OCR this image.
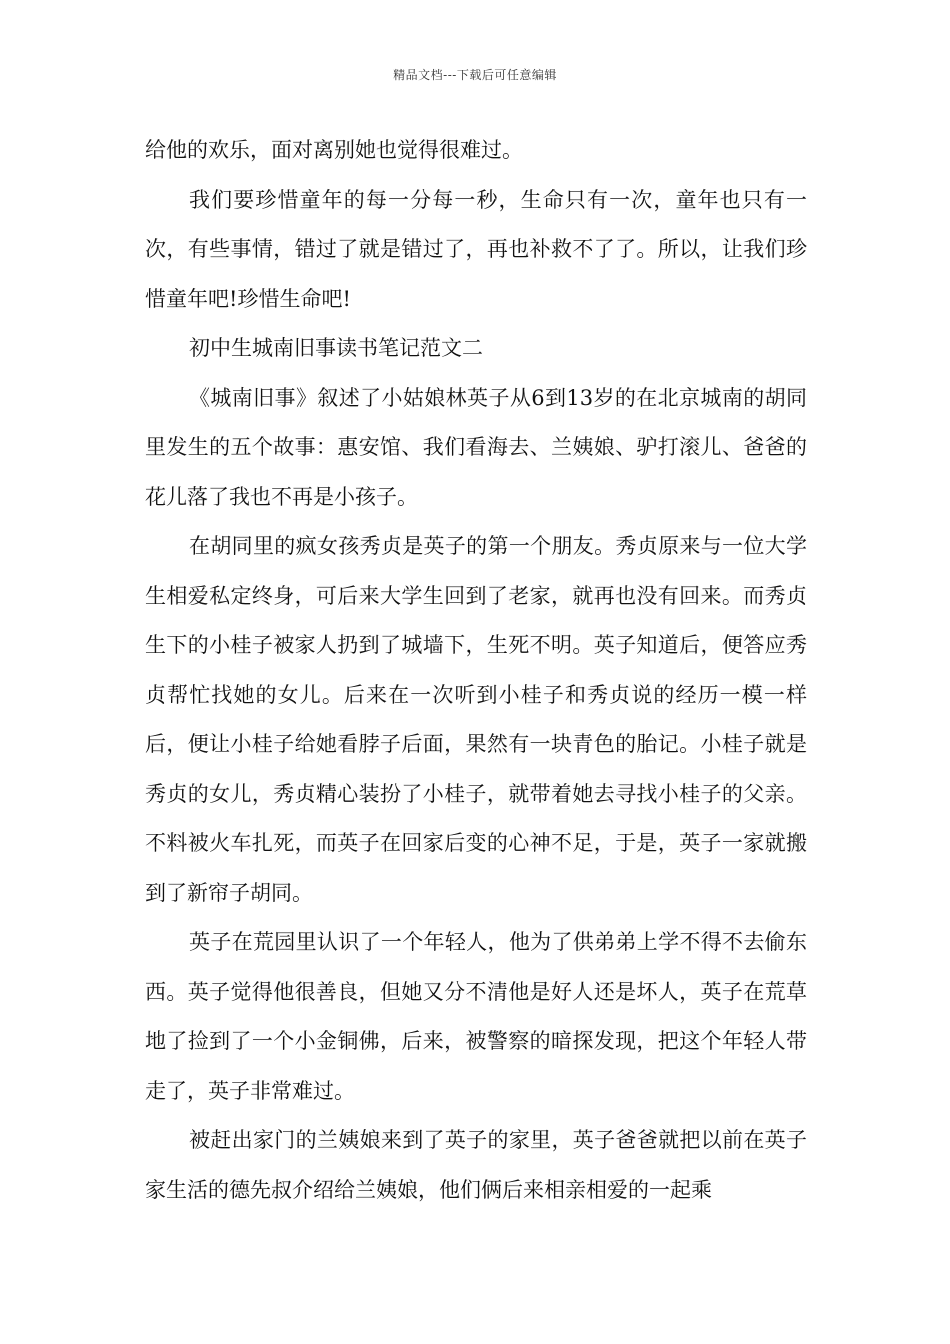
精品文档---下载后可任意编辑

给他的欢乐，面对离别她也觉得很难过。

我们要珍惜童年的每一分每一秒，生命只有一次，童年也只有一次，有些事情，错过了就是错过了，再也补救不了了。所以，让我们珍惜童年吧!珍惜生命吧!

初中生城南旧事读书笔记范文二

《城南旧事》叙述了小姑娘林英子从6到13岁的在北京城南的胡同里发生的五个故事：惠安馆、我们看海去、兰姨娘、驴打滚儿、爸爸的花儿落了我也不再是小孩子。

在胡同里的疯女孩秀贞是英子的第一个朋友。秀贞原来与一位大学生相爱私定终身，可后来大学生回到了老家，就再也没有回来。而秀贞生下的小桂子被家人扔到了城墙下，生死不明。英子知道后，便答应秀贞帮忙找她的女儿。后来在一次听到小桂子和秀贞说的经历一模一样后，便让小桂子给她看脖子后面，果然有一块青色的胎记。小桂子就是秀贞的女儿，秀贞精心装扮了小桂子，就带着她去寻找小桂子的父亲。不料被火车扎死，而英子在回家后变的心神不足，于是，英子一家就搬到了新帘子胡同。

英子在荒园里认识了一个年轻人，他为了供弟弟上学不得不去偷东西。英子觉得他很善良，但她又分不清他是好人还是坏人，英子在荒草地了捡到了一个小金铜佛，后来，被警察的暗探发现，把这个年轻人带走了，英子非常难过。

被赶出家门的兰姨娘来到了英子的家里，英子爸爸就把以前在英子家生活的德先叔介绍给兰姨娘，他们俩后来相亲相爱的一起乘
